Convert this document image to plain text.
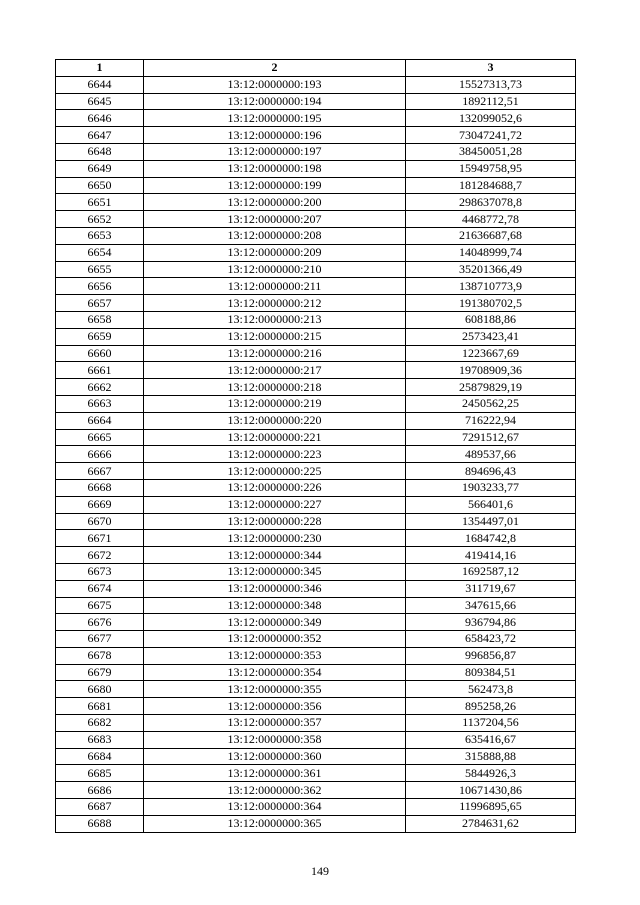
1	2	3
6644	13:12:0000000:193	15527313,73
6645	13:12:0000000:194	1892112,51
6646	13:12:0000000:195	132099052,6
6647	13:12:0000000:196	73047241,72
6648	13:12:0000000:197	38450051,28
6649	13:12:0000000:198	15949758,95
6650	13:12:0000000:199	181284688,7
6651	13:12:0000000:200	298637078,8
6652	13:12:0000000:207	4468772,78
6653	13:12:0000000:208	21636687,68
6654	13:12:0000000:209	14048999,74
6655	13:12:0000000:210	35201366,49
6656	13:12:0000000:211	138710773,9
6657	13:12:0000000:212	191380702,5
6658	13:12:0000000:213	608188,86
6659	13:12:0000000:215	2573423,41
6660	13:12:0000000:216	1223667,69
6661	13:12:0000000:217	19708909,36
6662	13:12:0000000:218	25879829,19
6663	13:12:0000000:219	2450562,25
6664	13:12:0000000:220	716222,94
6665	13:12:0000000:221	7291512,67
6666	13:12:0000000:223	489537,66
6667	13:12:0000000:225	894696,43
6668	13:12:0000000:226	1903233,77
6669	13:12:0000000:227	566401,6
6670	13:12:0000000:228	1354497,01
6671	13:12:0000000:230	1684742,8
6672	13:12:0000000:344	419414,16
6673	13:12:0000000:345	1692587,12
6674	13:12:0000000:346	311719,67
6675	13:12:0000000:348	347615,66
6676	13:12:0000000:349	936794,86
6677	13:12:0000000:352	658423,72
6678	13:12:0000000:353	996856,87
6679	13:12:0000000:354	809384,51
6680	13:12:0000000:355	562473,8
6681	13:12:0000000:356	895258,26
6682	13:12:0000000:357	1137204,56
6683	13:12:0000000:358	635416,67
6684	13:12:0000000:360	315888,88
6685	13:12:0000000:361	5844926,3
6686	13:12:0000000:362	10671430,86
6687	13:12:0000000:364	11996895,65
6688	13:12:0000000:365	2784631,62
149
